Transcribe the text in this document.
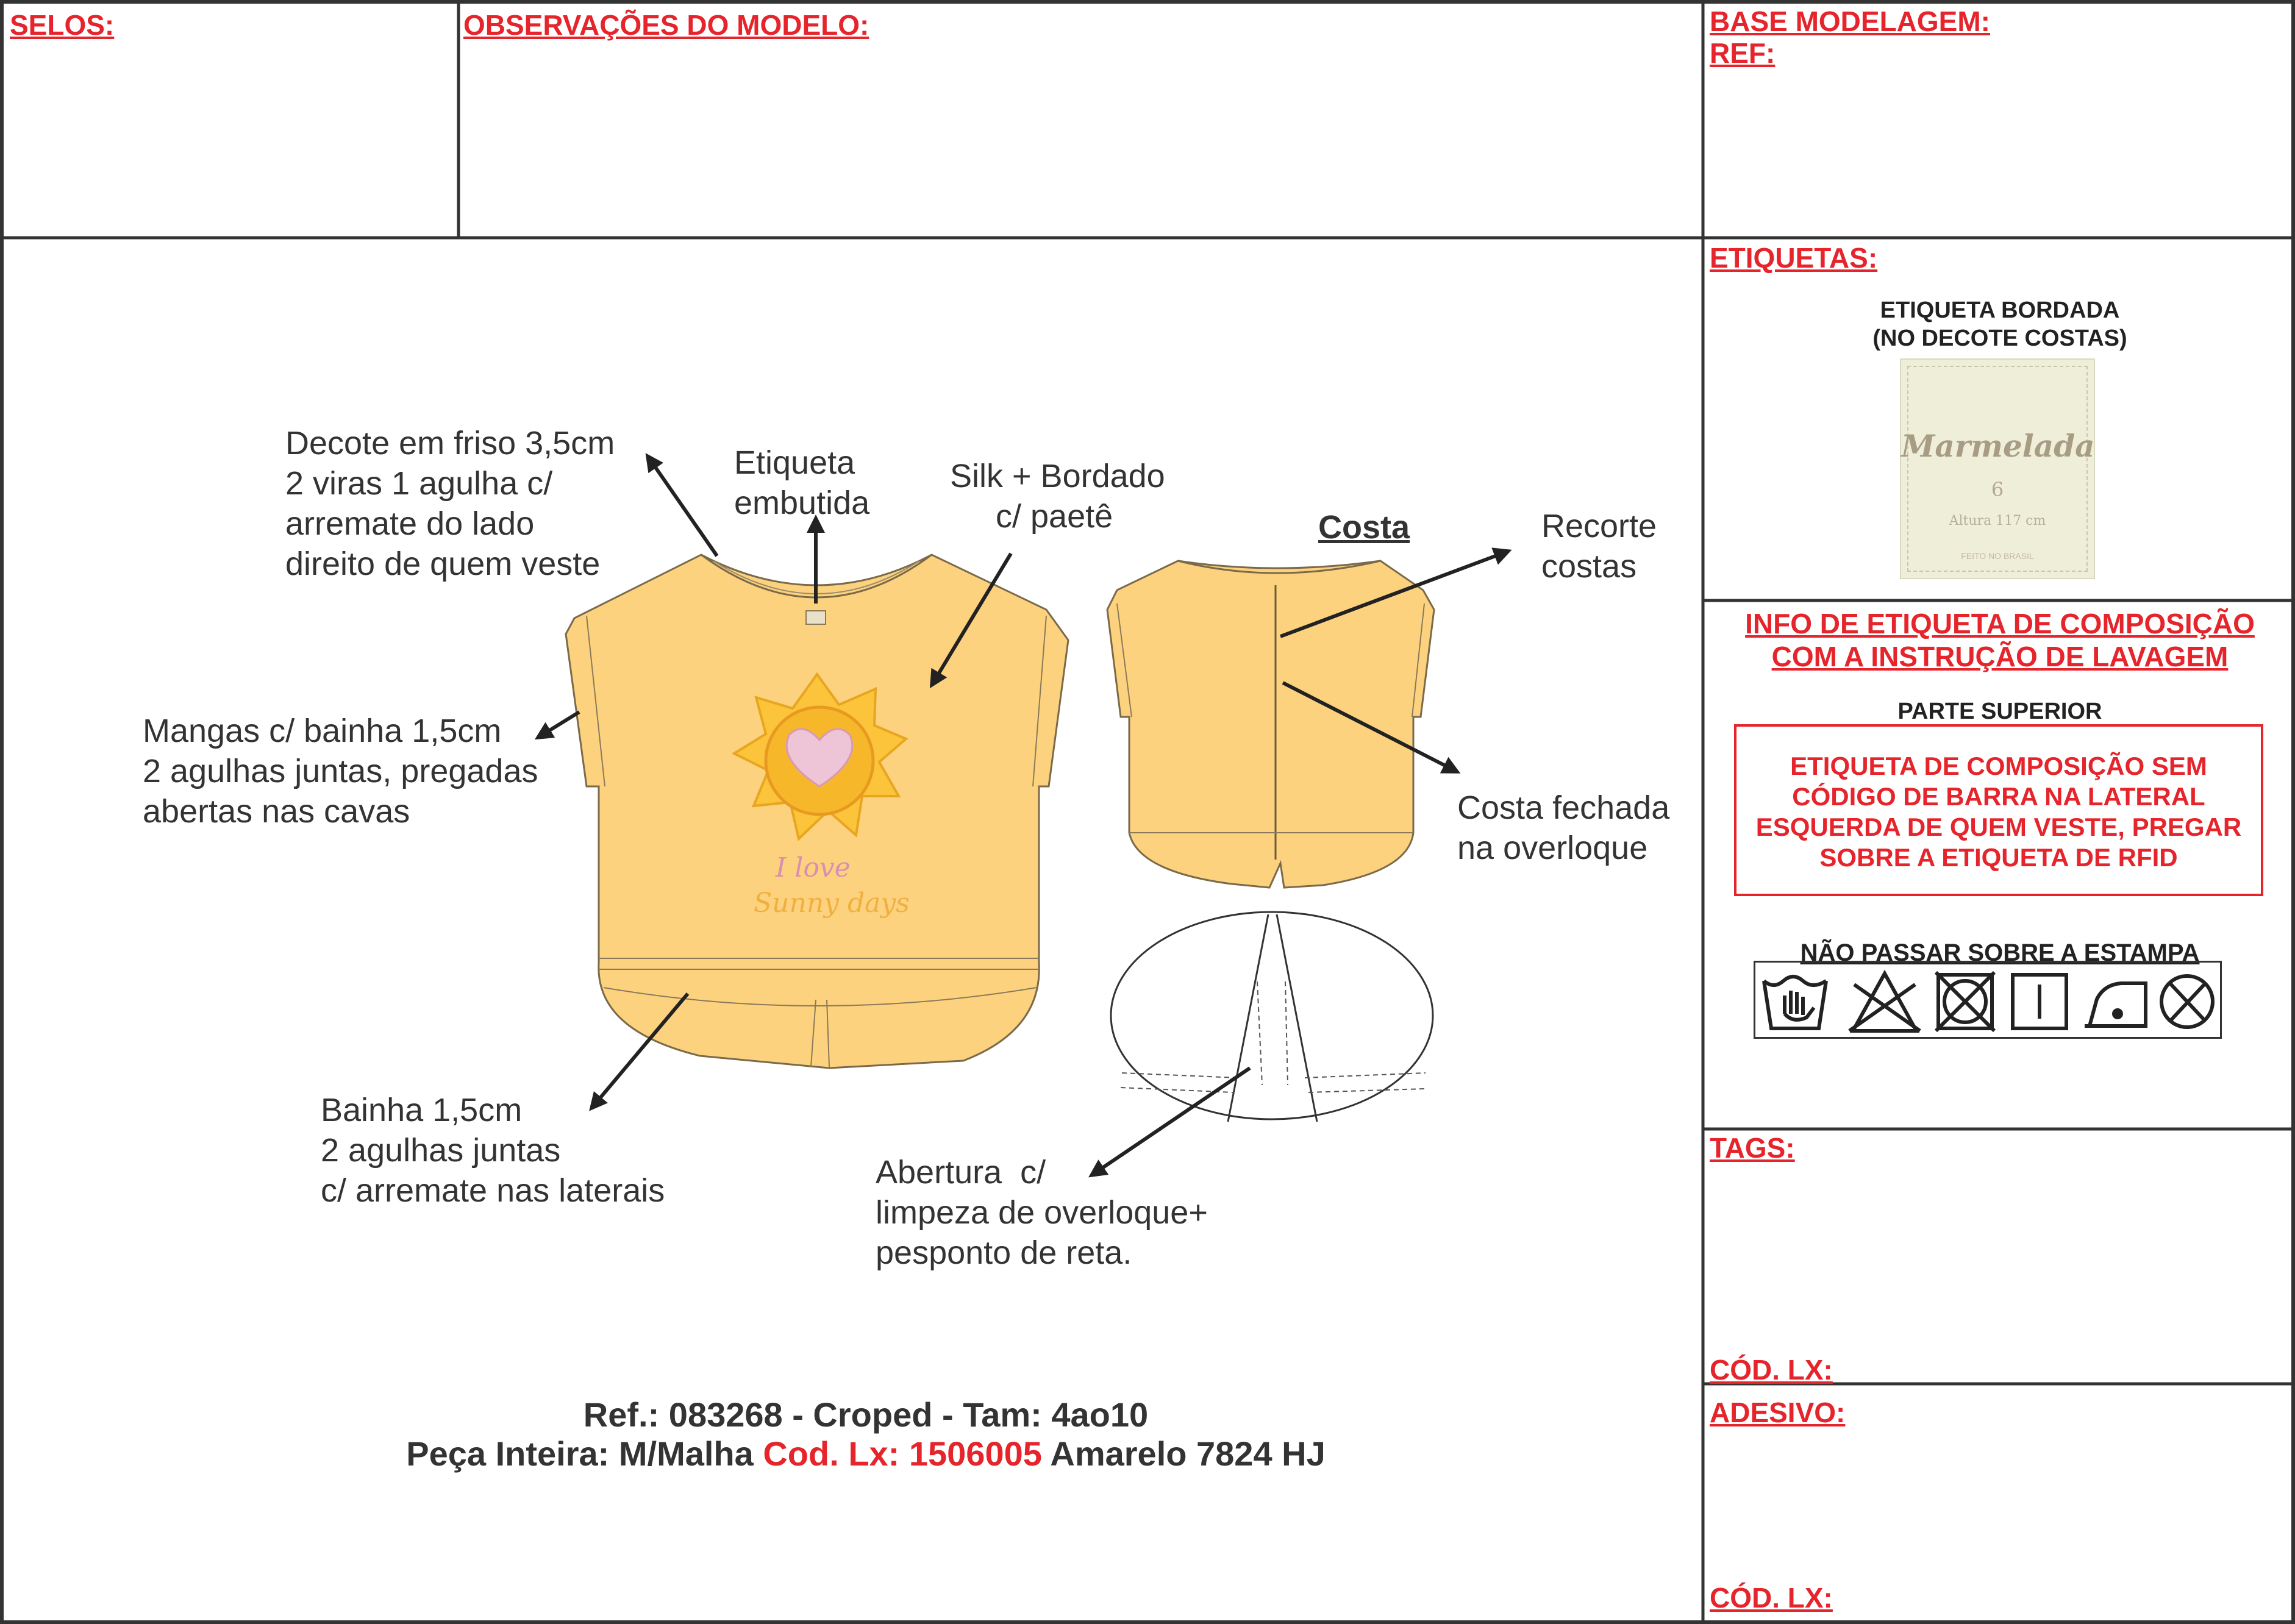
SELOS:	OBSERVAÇÕES DO MODELO:	BASE MODELAGEM:
REF:
ETIQUETAS:
TAGS:
CÓD. LX:
ADESIVO:
CÓD. LX:
ETIQUETA BORDADA
(NO DECOTE COSTAS)
Marmelada
6
Altura 117 cm
FEITO NO BRASIL
INFO DE ETIQUETA DE COMPOSIÇÃO
COM A INSTRUÇÃO DE LAVAGEM
PARTE SUPERIOR
ETIQUETA DE COMPOSIÇÃO SEM CÓDIGO DE BARRA NA LATERAL ESQUERDA DE QUEM VESTE, PREGAR SOBRE A ETIQUETA DE RFID
NÃO PASSAR SOBRE A ESTAMPA
I love
Sunny days
Decote em friso 3,5cm
2 viras 1 agulha c/
arremate do lado
direito de quem veste
Etiqueta
embutida
Silk + Bordado
c/ paetê	Costa	Recorte
costas
Mangas c/ bainha 1,5cm
2 agulhas juntas, pregadas
abertas nas cavas	Costa fechada
na overloque
Bainha 1,5cm
2 agulhas juntas
c/ arremate nas laterais	Abertura  c/
limpeza de overloque+
pesponto de reta.
Ref.: 083268 - Croped - Tam: 4ao10
Peça Inteira: M/Malha Cod. Lx: 1506005 Amarelo 7824 HJ
